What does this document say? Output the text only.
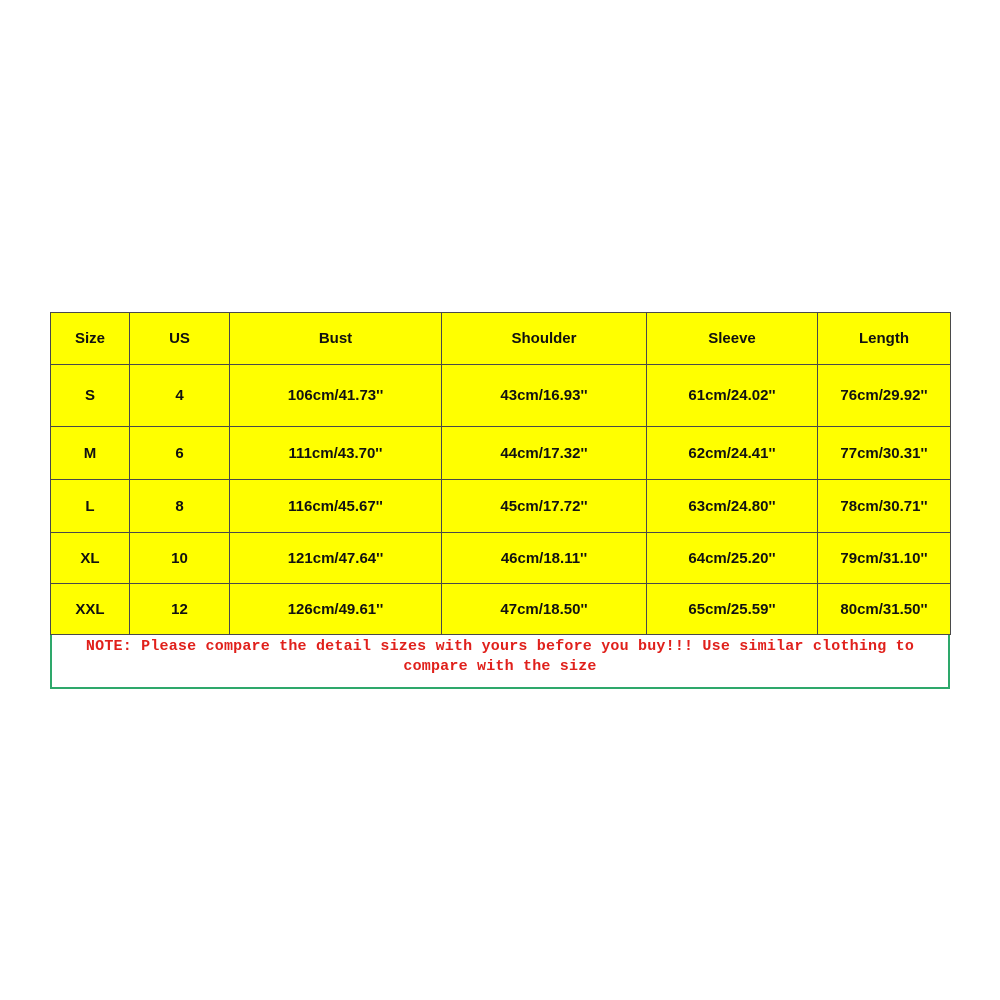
Size	US	Bust	Shoulder	Sleeve	Length
S	4	106cm/41.73''	43cm/16.93''	61cm/24.02''	76cm/29.92''
M	6	111cm/43.70''	44cm/17.32''	62cm/24.41''	77cm/30.31''
L	8	116cm/45.67''	45cm/17.72''	63cm/24.80''	78cm/30.71''
XL	10	121cm/47.64''	46cm/18.11''	64cm/25.20''	79cm/31.10''
XXL	12	126cm/49.61''	47cm/18.50''	65cm/25.59''	80cm/31.50''
NOTE: Please compare the detail sizes with yours before you buy!!! Use similar clothing to compare with the size
